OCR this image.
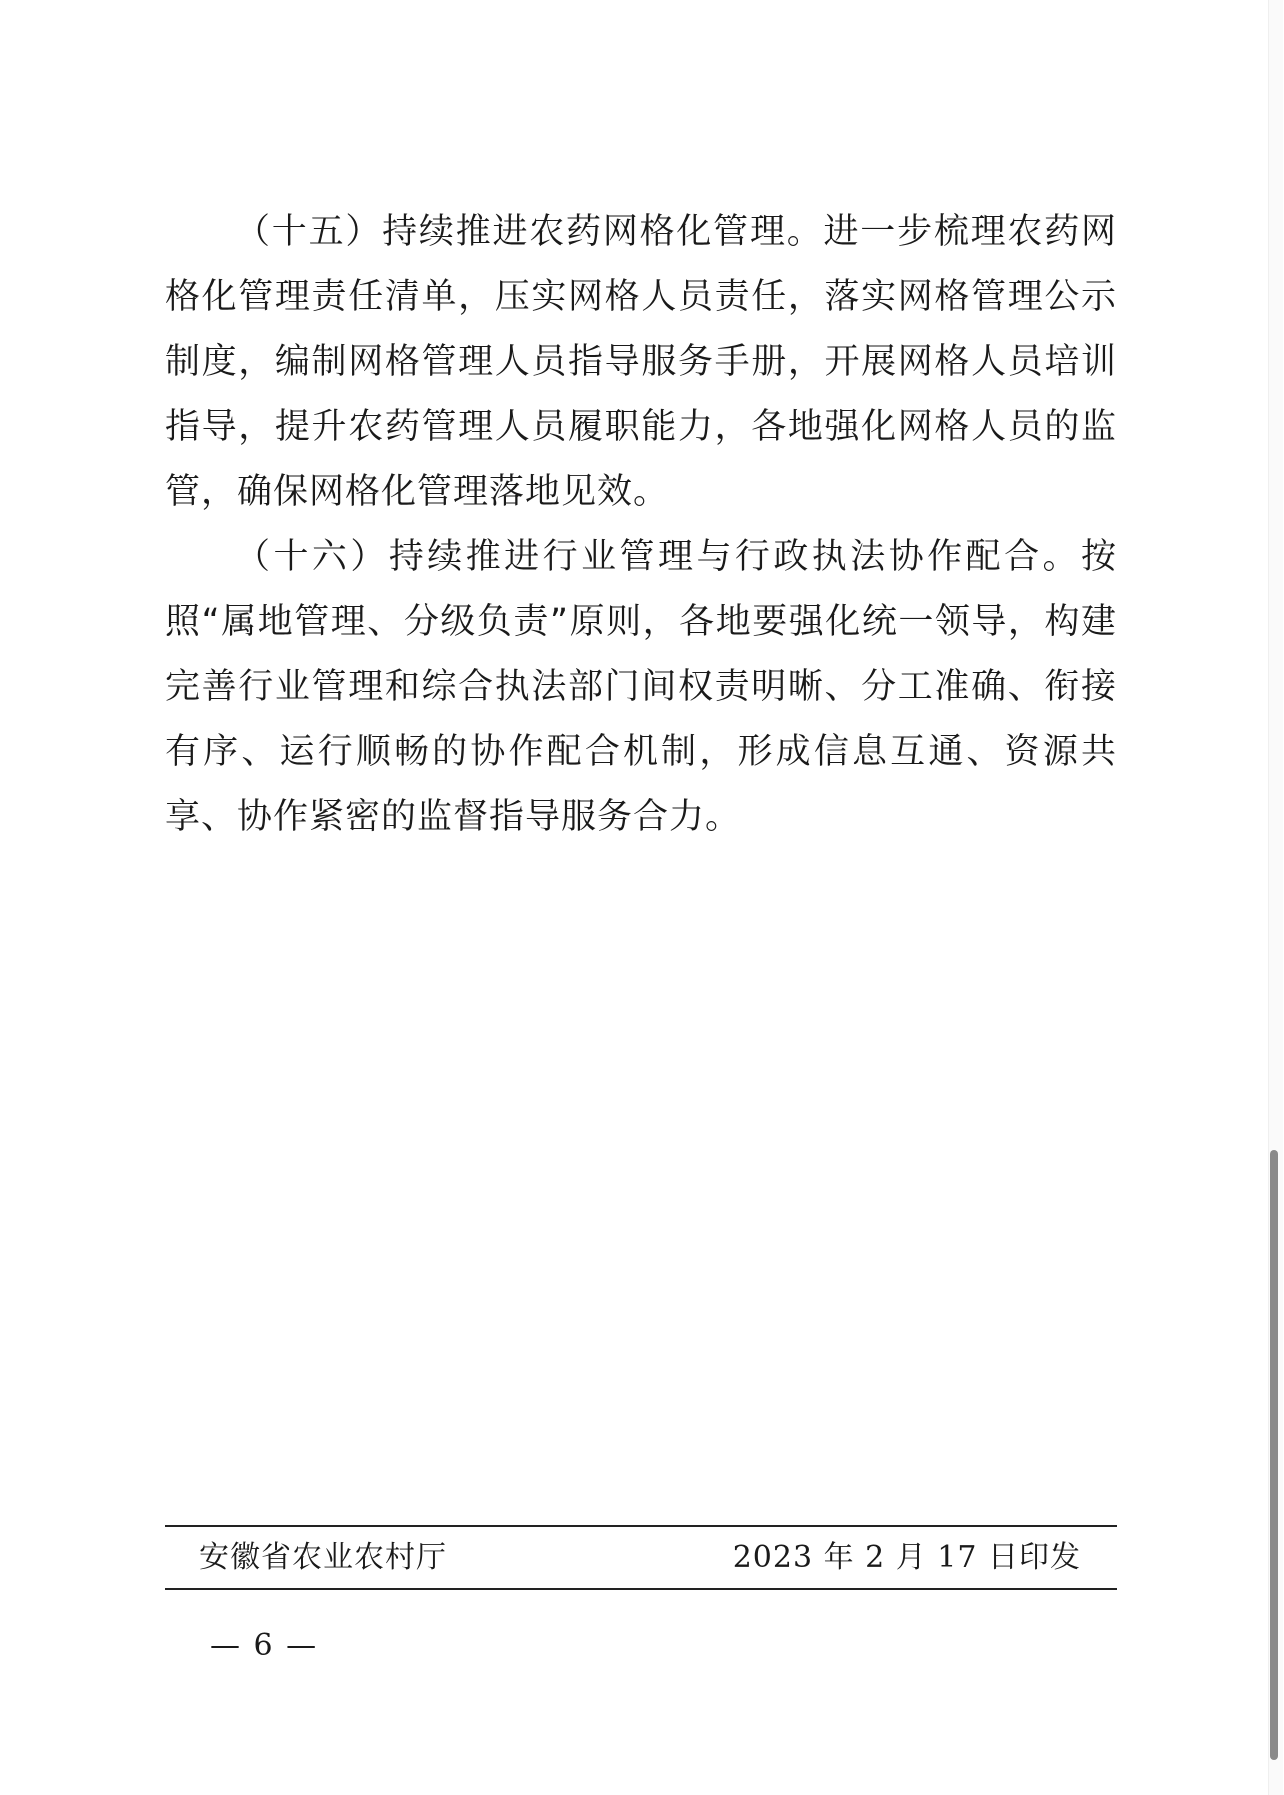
（十五）持续推进农药网格化管理。进一步梳理农药网格化管理责任清单，压实网格人员责任，落实网格管理公示制度，编制网格管理人员指导服务手册，开展网格人员培训指导，提升农药管理人员履职能力，各地强化网格人员的监管，确保网格化管理落地见效。

（十六）持续推进行业管理与行政执法协作配合。按照“属地管理、分级负责”原则，各地要强化统一领导，构建完善行业管理和综合执法部门间权责明晰、分工准确、衔接有序、运行顺畅的协作配合机制，形成信息互通、资源共享、协作紧密的监督指导服务合力。

安徽省农业农村厅	2023 年 2 月 17 日印发
— 6 —
